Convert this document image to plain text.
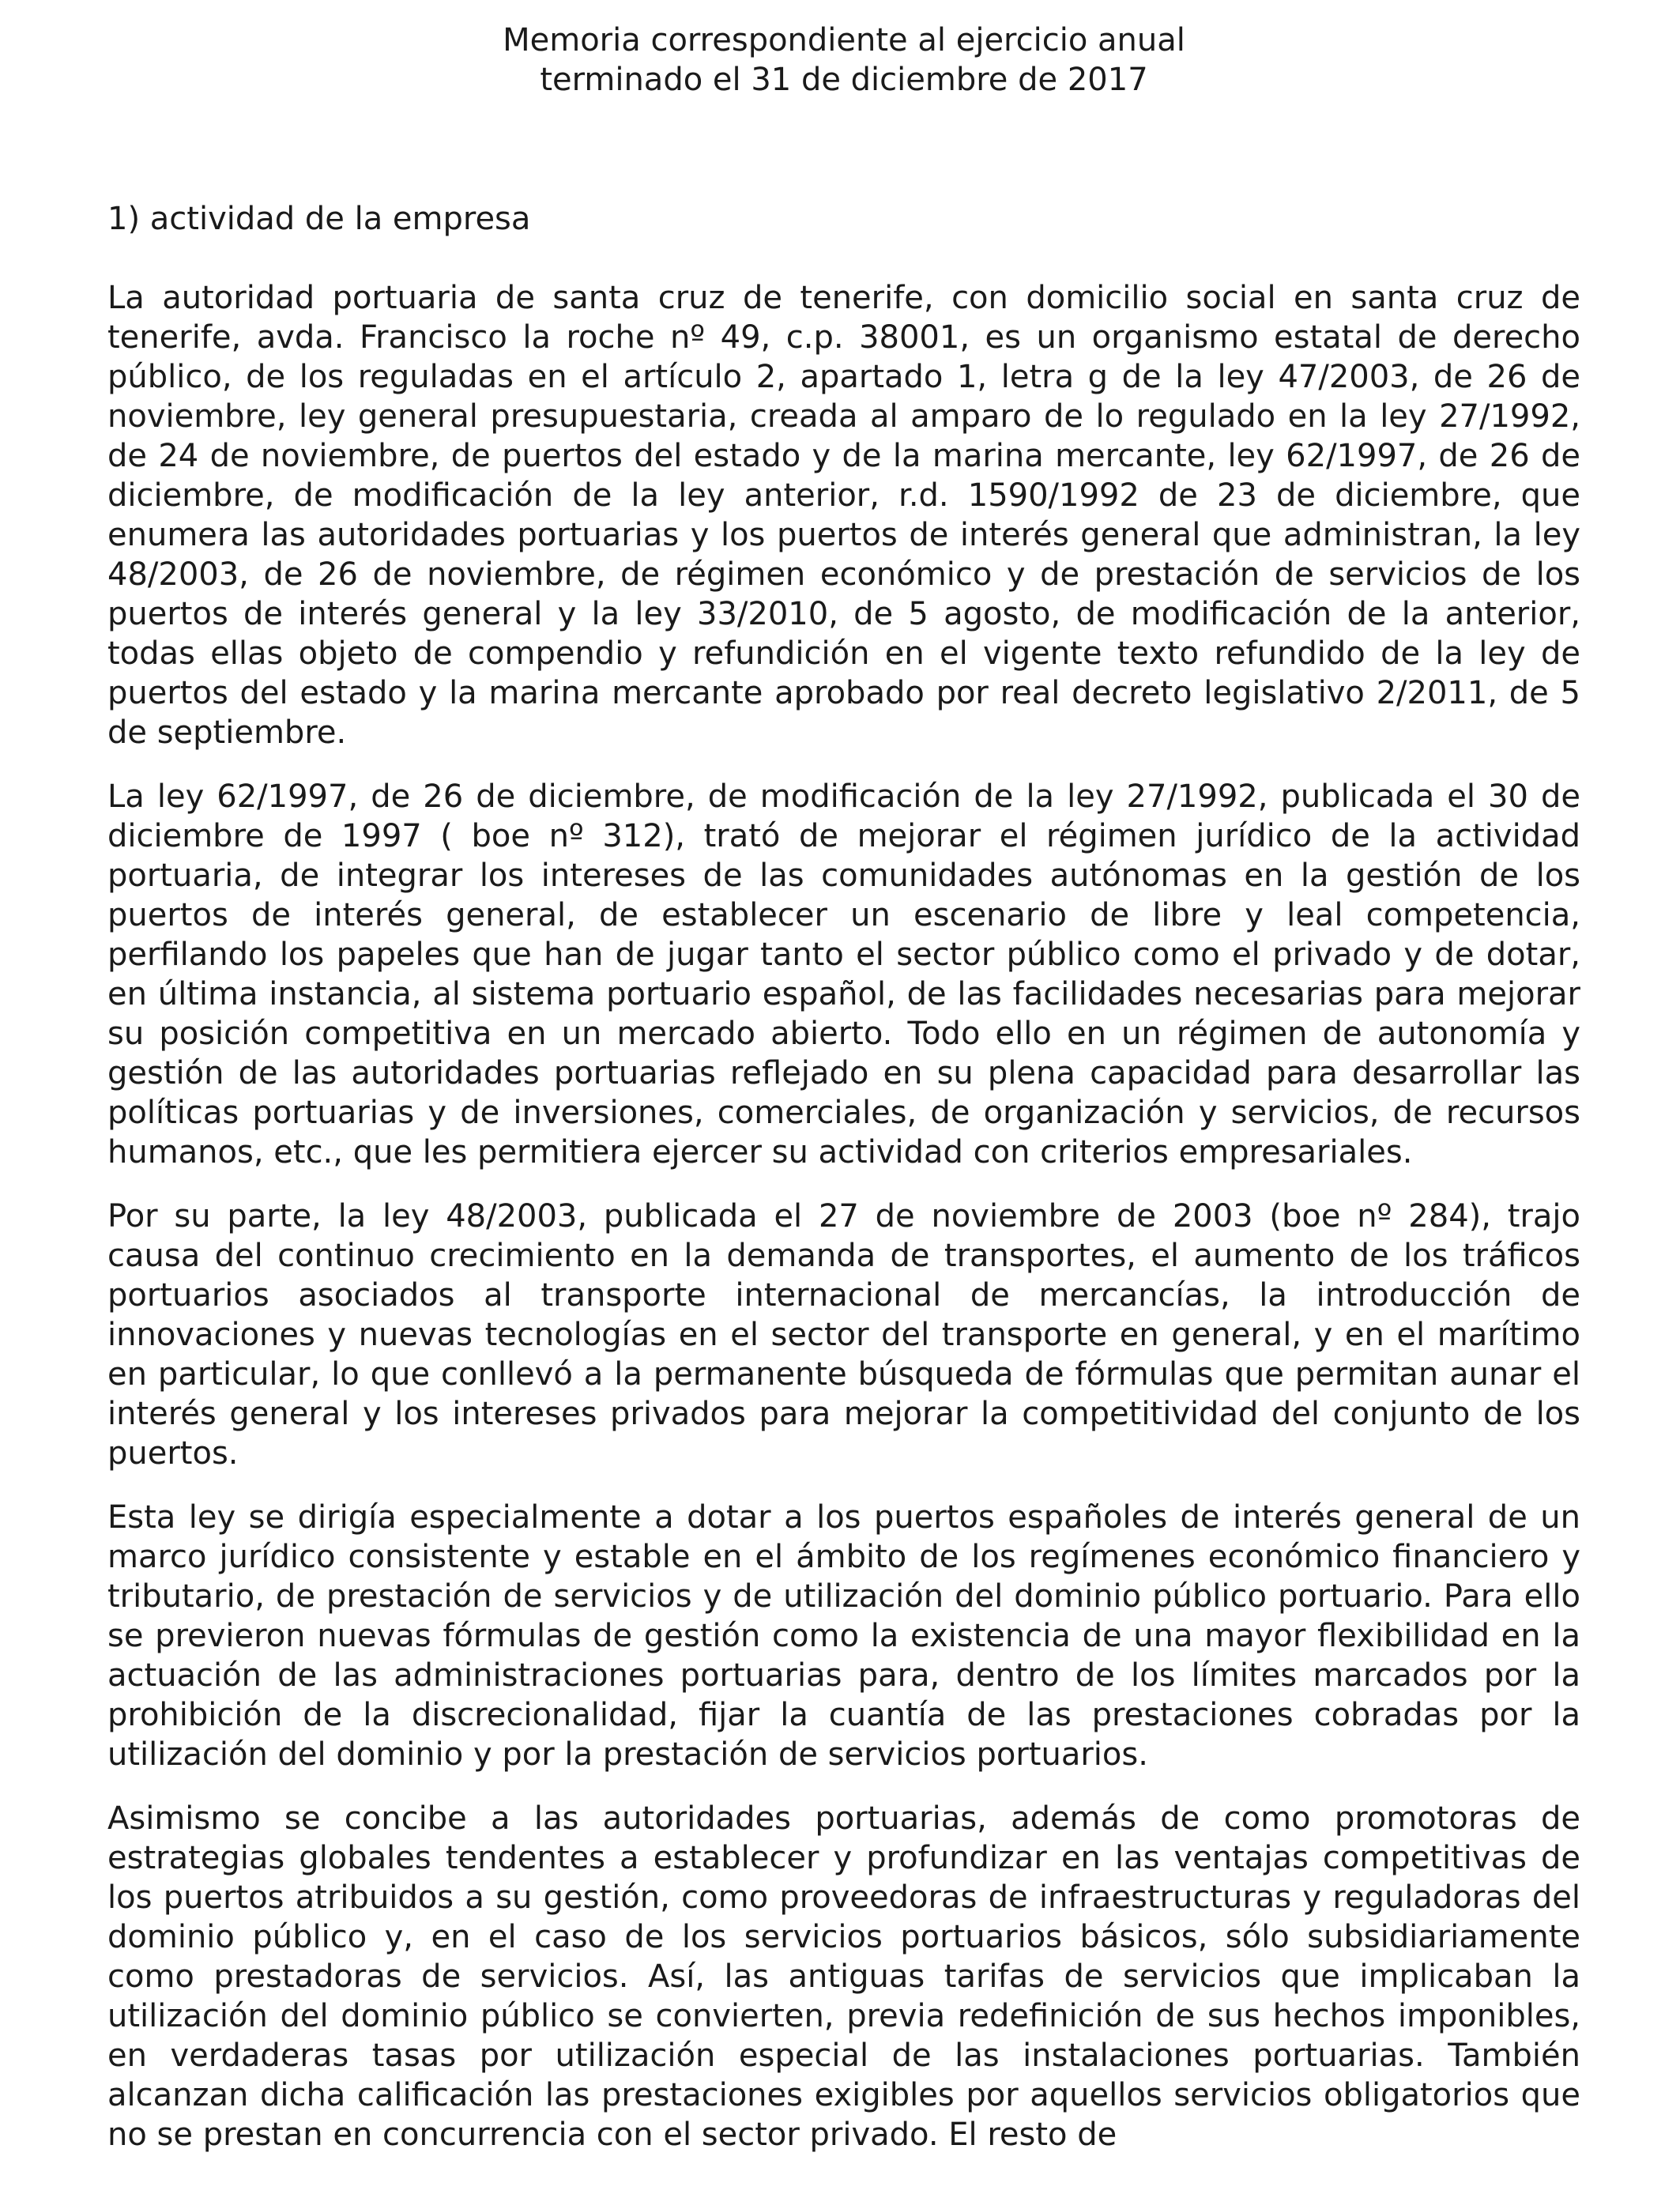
Memoria correspondiente al ejercicio anual
terminado el 31 de diciembre de 2017
1) actividad de la empresa

La autoridad portuaria de santa cruz de tenerife, con domicilio social en santa cruz de tenerife, avda. Francisco la roche nº 49, c.p. 38001, es un organismo estatal de derecho público, de los reguladas en el artículo 2, apartado 1, letra g de la ley 47/2003, de 26 de noviembre, ley general presupuestaria, creada al amparo de lo regulado en la ley 27/1992, de 24 de noviembre, de puertos del estado y de la marina mercante, ley 62/1997, de 26 de diciembre, de modificación de la ley anterior, r.d. 1590/1992 de 23 de diciembre, que enumera las autoridades portuarias y los puertos de interés general que administran, la ley 48/2003, de 26 de noviembre, de régimen económico y de prestación de servicios de los puertos de interés general y la ley 33/2010, de 5 agosto, de modificación de la anterior, todas ellas objeto de compendio y refundición en el vigente texto refundido de la ley de puertos del estado y la marina mercante aprobado por real decreto legislativo 2/2011, de 5 de septiembre.

La ley 62/1997, de 26 de diciembre, de modificación de la ley 27/1992, publicada el 30 de diciembre de 1997 ( boe nº 312), trató de mejorar el régimen jurídico de la actividad portuaria, de integrar los intereses de las comunidades autónomas en la gestión de los puertos de interés general, de establecer un escenario de libre y leal competencia, perfilando los papeles que han de jugar tanto el sector público como el privado y de dotar, en última instancia, al sistema portuario español, de las facilidades necesarias para mejorar su posición competitiva en un mercado abierto. Todo ello en un régimen de autonomía y gestión de las autoridades portuarias reflejado en su plena capacidad para desarrollar las políticas portuarias y de inversiones, comerciales, de organización y servicios, de recursos humanos, etc., que les permitiera ejercer su actividad con criterios empresariales.

Por su parte, la ley 48/2003, publicada el 27 de noviembre de 2003 (boe nº 284), trajo causa del continuo crecimiento en la demanda de transportes, el aumento de los tráficos portuarios asociados al transporte internacional de mercancías, la introducción de innovaciones y nuevas tecnologías en el sector del transporte en general, y en el marítimo en particular, lo que conllevó a la permanente búsqueda de fórmulas que permitan aunar el interés general y los intereses privados para mejorar la competitividad del conjunto de los puertos.

Esta ley se dirigía especialmente a dotar a los puertos españoles de interés general de un marco jurídico consistente y estable en el ámbito de los regímenes económico financiero y tributario, de prestación de servicios y de utilización del dominio público portuario. Para ello se previeron nuevas fórmulas de gestión como la existencia de una mayor flexibilidad en la actuación de las administraciones portuarias para, dentro de los límites marcados por la prohibición de la discrecionalidad, fijar la cuantía de las prestaciones cobradas por la utilización del dominio y por la prestación de servicios portuarios.

Asimismo se concibe a las autoridades portuarias, además de como promotoras de estrategias globales tendentes a establecer y profundizar en las ventajas competitivas de los puertos atribuidos a su gestión, como proveedoras de infraestructuras y reguladoras del dominio público y, en el caso de los servicios portuarios básicos, sólo subsidiariamente como prestadoras de servicios. Así, las antiguas tarifas de servicios que implicaban la utilización del dominio público se convierten, previa redefinición de sus hechos imponibles, en verdaderas tasas por utilización especial de las instalaciones portuarias. También alcanzan dicha calificación las prestaciones exigibles por aquellos servicios obligatorios que no se prestan en concurrencia con el sector privado. El resto de
